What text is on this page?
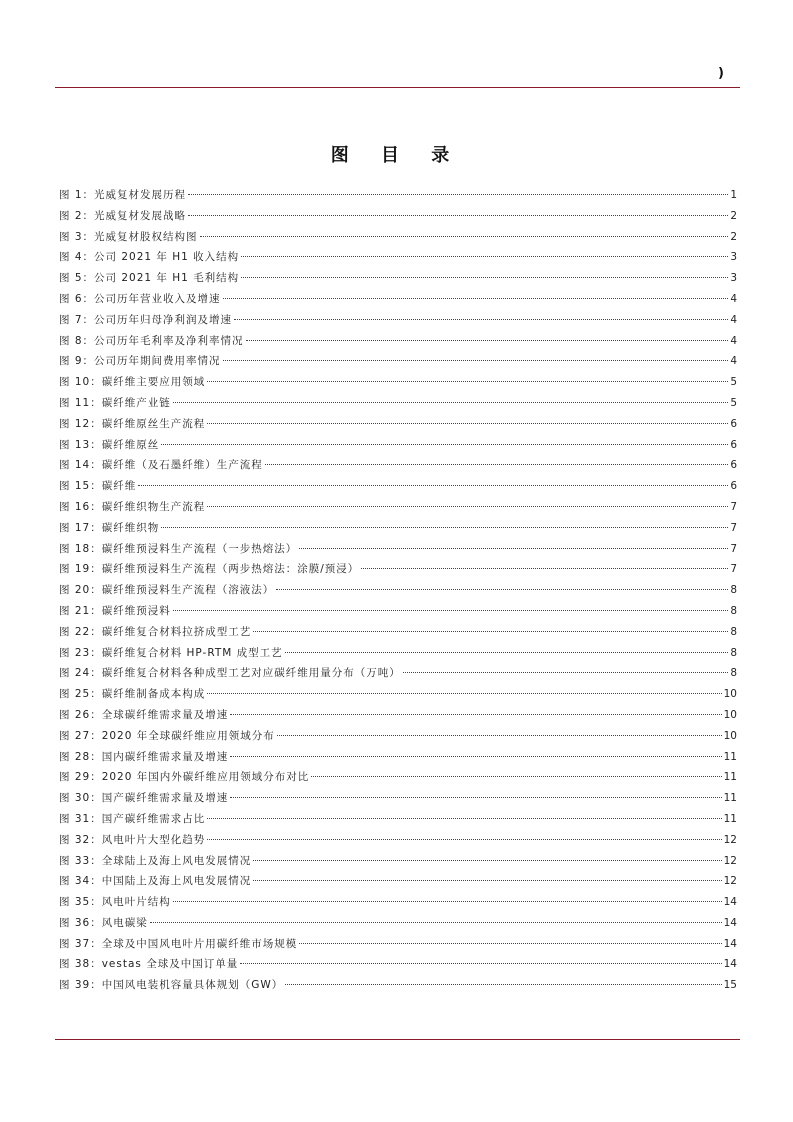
)
图 目 录
图 1：光威复材发展历程	1
图 2：光威复材发展战略	2
图 3：光威复材股权结构图	2
图 4：公司 2021 年 H1 收入结构	3
图 5：公司 2021 年 H1 毛利结构	3
图 6：公司历年营业收入及增速	4
图 7：公司历年归母净利润及增速	4
图 8：公司历年毛利率及净利率情况	4
图 9：公司历年期间费用率情况	4
图 10：碳纤维主要应用领域	5
图 11：碳纤维产业链	5
图 12：碳纤维原丝生产流程	6
图 13：碳纤维原丝	6
图 14：碳纤维（及石墨纤维）生产流程	6
图 15：碳纤维	6
图 16：碳纤维织物生产流程	7
图 17：碳纤维织物	7
图 18：碳纤维预浸料生产流程（一步热熔法）	7
图 19：碳纤维预浸料生产流程（两步热熔法：涂膜/预浸）	7
图 20：碳纤维预浸料生产流程（溶液法）	8
图 21：碳纤维预浸料	8
图 22：碳纤维复合材料拉挤成型工艺	8
图 23：碳纤维复合材料 HP-RTM 成型工艺	8
图 24：碳纤维复合材料各种成型工艺对应碳纤维用量分布（万吨）	8
图 25：碳纤维制备成本构成	10
图 26：全球碳纤维需求量及增速	10
图 27：2020 年全球碳纤维应用领域分布	10
图 28：国内碳纤维需求量及增速	11
图 29：2020 年国内外碳纤维应用领域分布对比	11
图 30：国产碳纤维需求量及增速	11
图 31：国产碳纤维需求占比	11
图 32：风电叶片大型化趋势	12
图 33：全球陆上及海上风电发展情况	12
图 34：中国陆上及海上风电发展情况	12
图 35：风电叶片结构	14
图 36：风电碳梁	14
图 37：全球及中国风电叶片用碳纤维市场规模	14
图 38：vestas 全球及中国订单量	14
图 39：中国风电装机容量具体规划（GW）	15
